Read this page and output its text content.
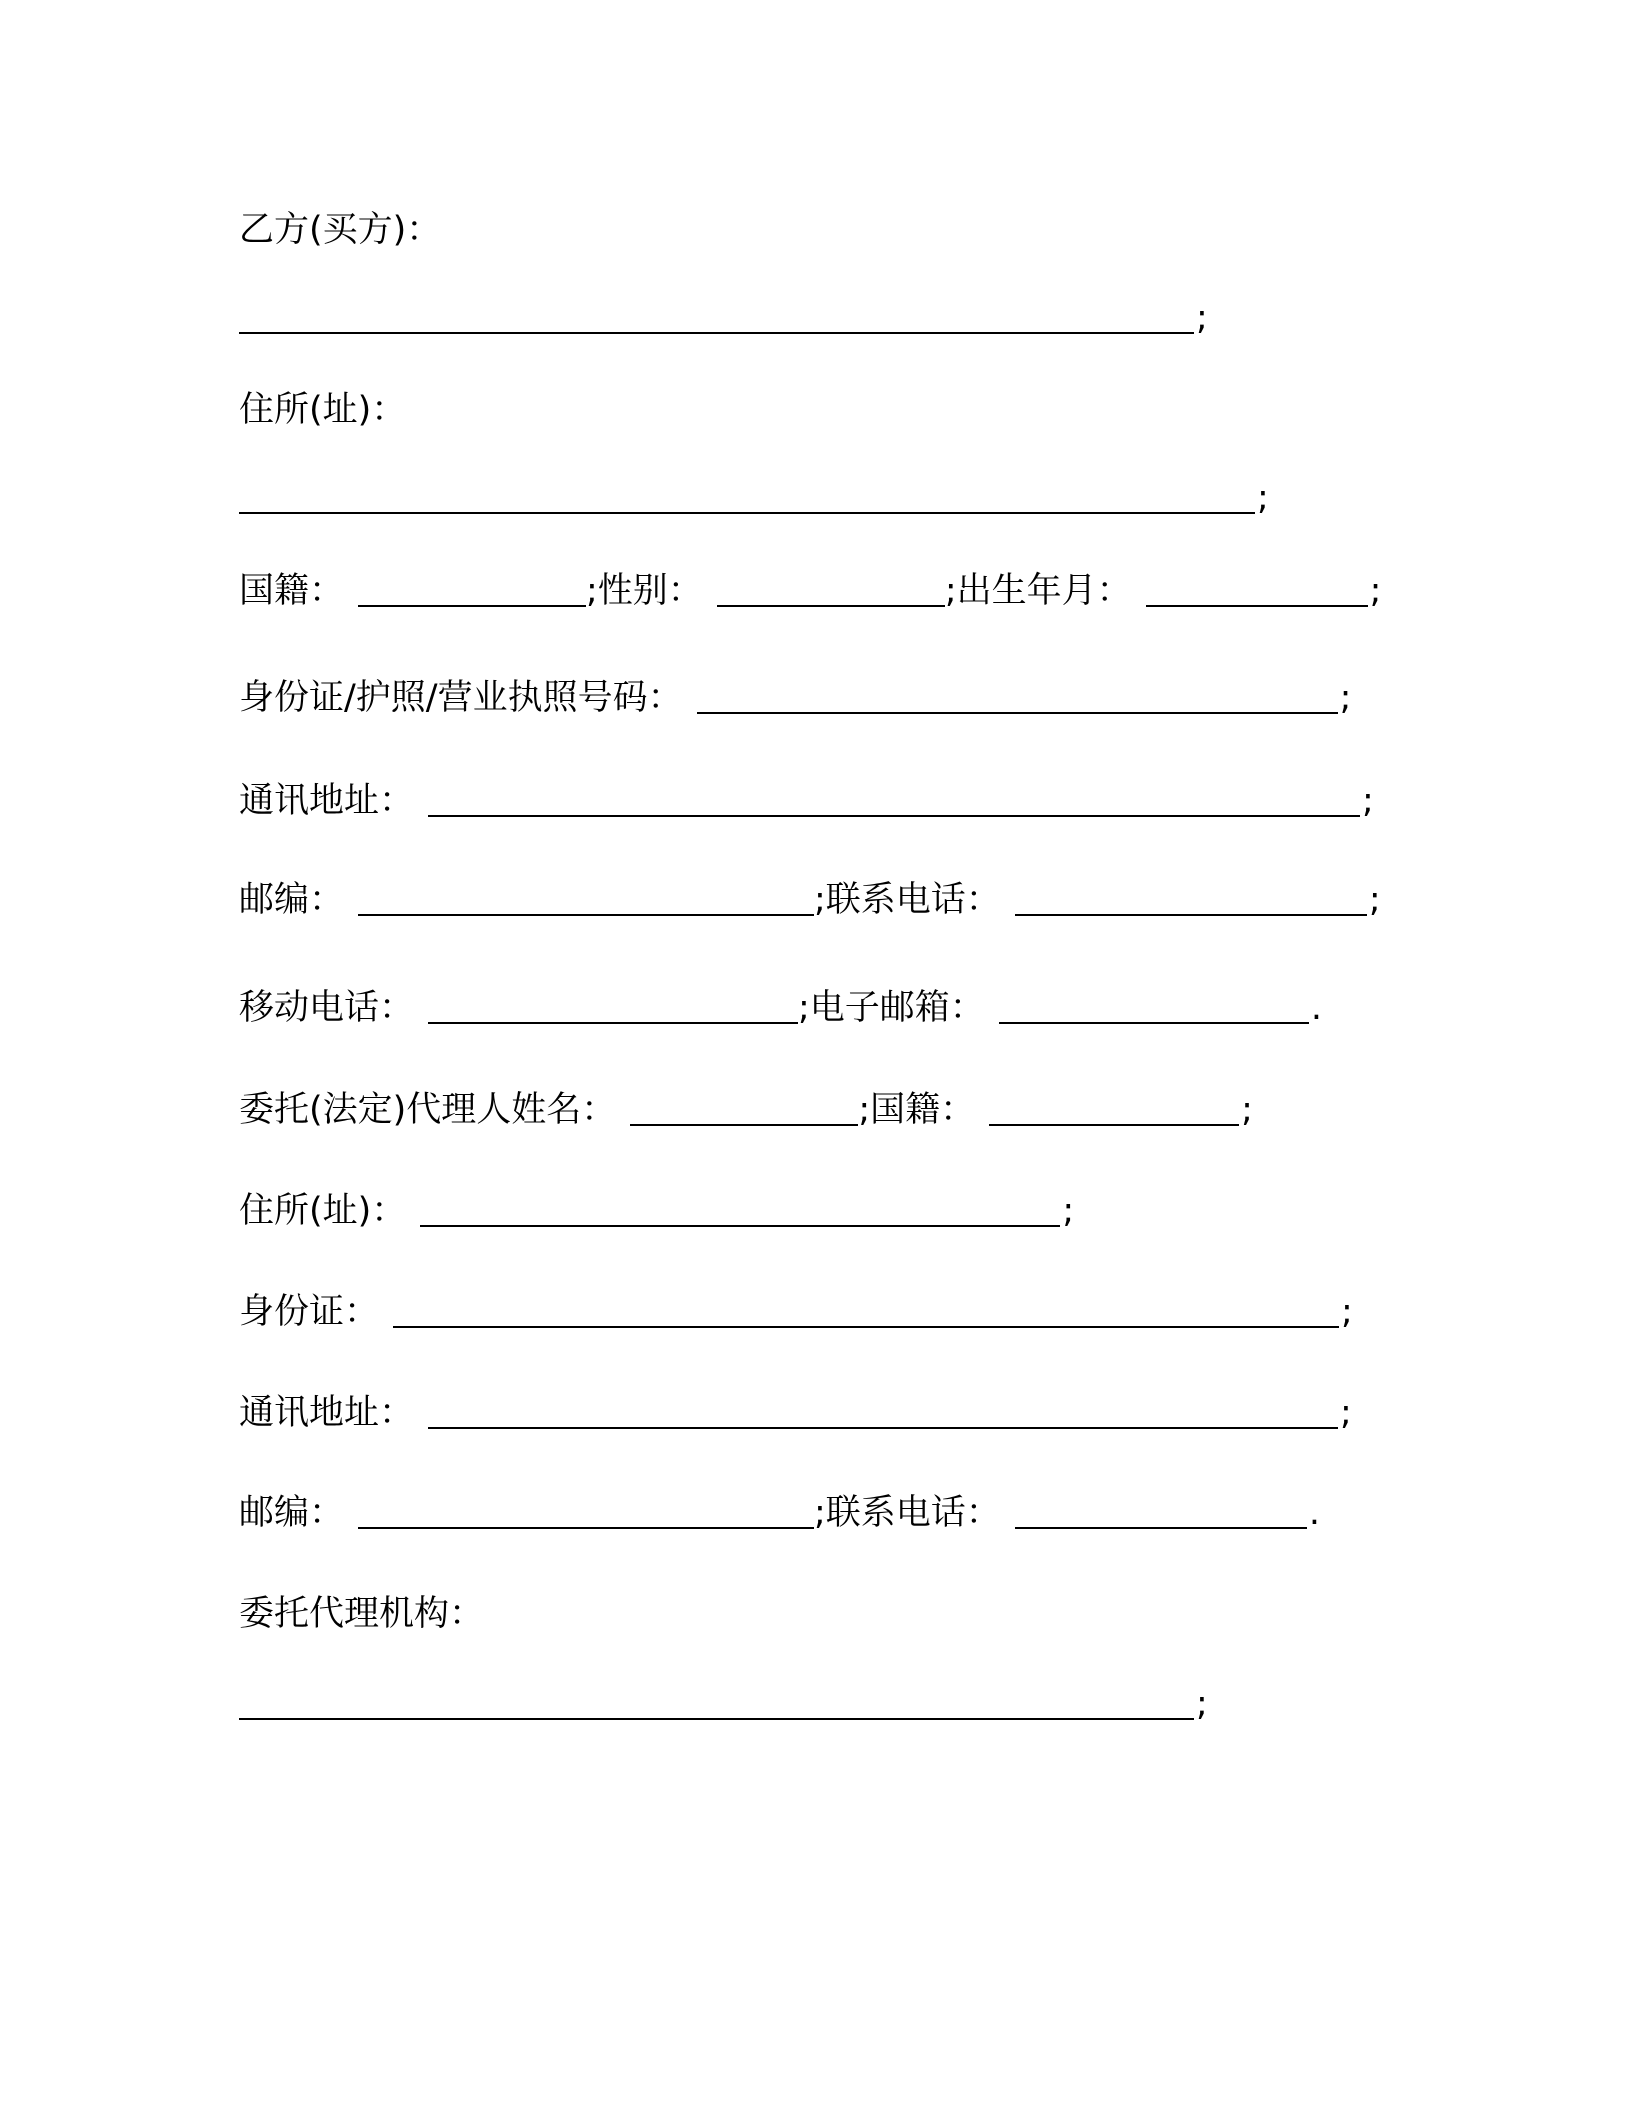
乙方(买方)：
;
住所(址)：
;
国籍：	;性别：	;出生年月：	;
身份证/护照/营业执照号码：	;
通讯地址：	;
邮编：	;联系电话：	;
移动电话：	;电子邮箱：	.
委托(法定)代理人姓名：	;国籍：	;
住所(址)：	;
身份证：	;
通讯地址：	;
邮编：	;联系电话：	.
委托代理机构：
;
